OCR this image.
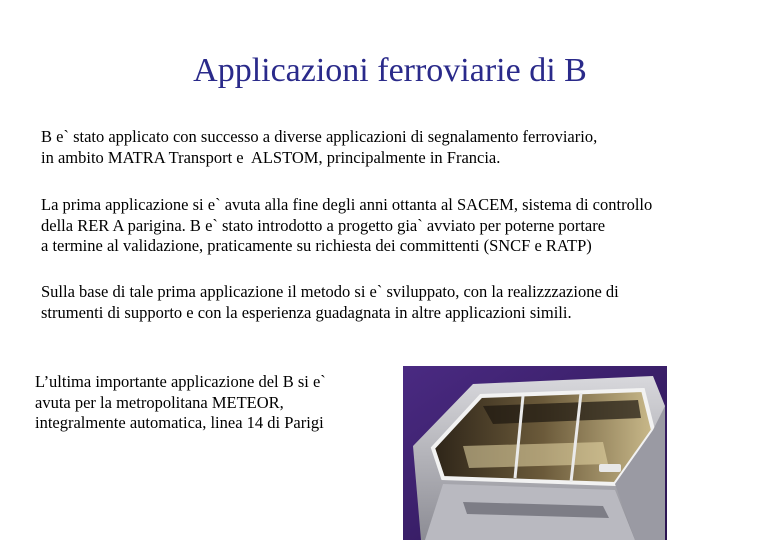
Applicazioni ferroviarie di B
B e` stato applicato con successo a diverse applicazioni di segnalamento ferroviario,
in ambito MATRA Transport e  ALSTOM, principalmente in Francia.
La prima applicazione si e` avuta alla fine degli anni ottanta al SACEM, sistema di controllo
della RER A parigina. B e` stato introdotto a progetto gia` avviato per poterne portare
a termine al validazione, praticamente su richiesta dei committenti (SNCF e RATP)
Sulla base di tale prima applicazione il metodo si e` sviluppato, con la realizzzazione di
strumenti di supporto e con la esperienza guadagnata in altre applicazioni simili.
L’ultima importante applicazione del B si e`
avuta per la metropolitana METEOR,
integralmente automatica, linea 14 di Parigi
